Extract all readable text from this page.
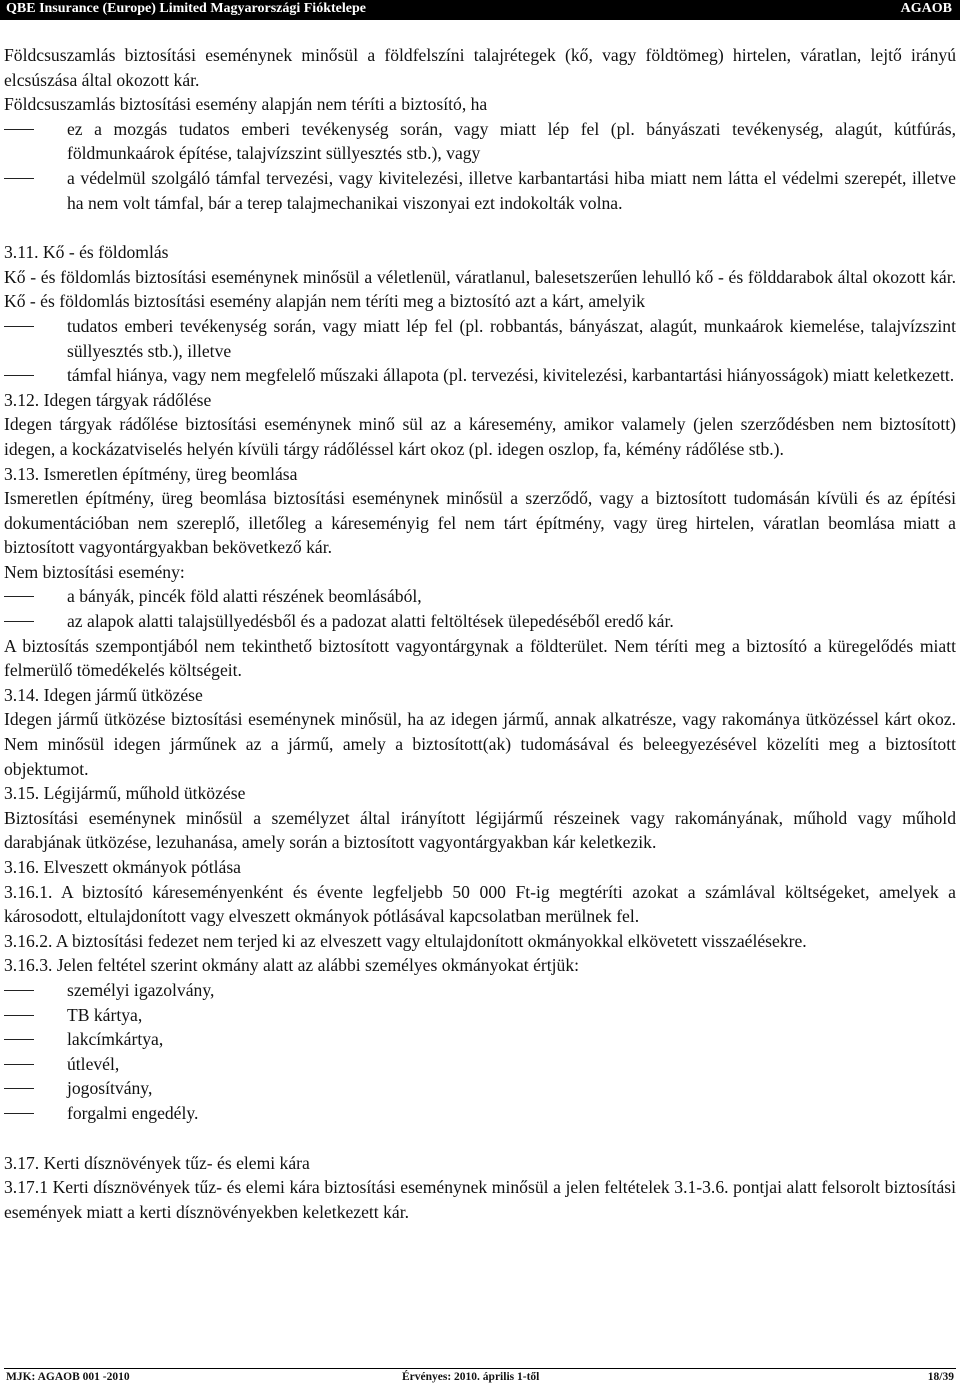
QBE Insurance (Europe) Limited Magyarországi Fióktelepe	AGAOB

Földcsuszamlás biztosítási eseménynek minősül a földfelszíni talajrétegek (kő, vagy földtömeg) hirtelen, váratlan, lejtő irányú elcsúszása által okozott kár.

Földcsuszamlás biztosítási esemény alapján nem téríti a biztosító, ha

ez a mozgás tudatos emberi tevékenység során, vagy miatt lép fel (pl. bányászati tevékenység, alagút, kútfúrás, földmunkaárok építése, talajvízszint süllyesztés stb.), vagy
a védelmül szolgáló támfal tervezési, vagy kivitelezési, illetve karbantartási hiba miatt nem látta el védelmi szerepét, illetve ha nem volt támfal, bár a terep talajmechanikai viszonyai ezt indokolták volna.

3.11. Kő - és földomlás

Kő - és földomlás biztosítási eseménynek minősül a véletlenül, váratlanul, balesetszerűen lehulló kő - és földdarabok által okozott kár. Kő - és földomlás biztosítási esemény alapján nem téríti meg a biztosító azt a kárt, amelyik

tudatos emberi tevékenység során, vagy miatt lép fel (pl. robbantás, bányászat, alagút, munkaárok kiemelése, talajvízszint süllyesztés stb.), illetve
támfal hiánya, vagy nem megfelelő műszaki állapota (pl. tervezési, kivitelezési, karbantartási hiányosságok) miatt keletkezett.

3.12. Idegen tárgyak rádőlése

Idegen tárgyak rádőlése biztosítási eseménynek minő sül az a káresemény, amikor valamely (jelen szerződésben nem biztosított) idegen, a kockázatviselés helyén kívüli tárgy rádőléssel kárt okoz (pl. idegen oszlop, fa, kémény rádőlése stb.).

3.13. Ismeretlen építmény, üreg beomlása

Ismeretlen építmény, üreg beomlása biztosítási eseménynek minősül a szerződő, vagy a biztosított tudomásán kívüli és az építési dokumentációban nem szereplő, illetőleg a káreseményig fel nem tárt építmény, vagy üreg hirtelen, váratlan beomlása miatt a biztosított vagyontárgyakban bekövetkező kár.

Nem biztosítási esemény:

a bányák, pincék föld alatti részének beomlásából,
az alapok alatti talajsüllyedésből és a padozat alatti feltöltések ülepedéséből eredő kár.

A biztosítás szempontjából nem tekinthető biztosított vagyontárgynak a földterület. Nem téríti meg a biztosító a küregelődés miatt felmerülő tömedékelés költségeit.

3.14. Idegen jármű ütközése

Idegen jármű ütközése biztosítási eseménynek minősül, ha az idegen jármű, annak alkatrésze, vagy rakománya ütközéssel kárt okoz. Nem minősül idegen járműnek az a jármű, amely a biztosított(ak) tudomásával és beleegyezésével közelíti meg a biztosított objektumot.

3.15. Légijármű, műhold ütközése

Biztosítási eseménynek minősül a személyzet által irányított légijármű részeinek vagy rakományának, műhold vagy műhold darabjának ütközése, lezuhanása, amely során a biztosított vagyontárgyakban kár keletkezik.

3.16. Elveszett okmányok pótlása

3.16.1. A biztosító káreseményenként és évente legfeljebb 50 000 Ft-ig megtéríti azokat a számlával költségeket, amelyek a károsodott, eltulajdonított vagy elveszett okmányok pótlásával kapcsolatban merülnek fel.

3.16.2. A biztosítási fedezet nem terjed ki az elveszett vagy eltulajdonított okmányokkal elkövetett visszaélésekre.

3.16.3. Jelen feltétel szerint okmány alatt az alábbi személyes okmányokat értjük:

személyi igazolvány,
TB kártya,
lakcímkártya,
útlevél,
jogosítvány,
forgalmi engedély.

3.17. Kerti dísznövények tűz- és elemi kára

3.17.1 Kerti dísznövények tűz- és elemi kára biztosítási eseménynek minősül a jelen feltételek 3.1-3.6. pontjai alatt felsorolt biztosítási események miatt a kerti dísznövényekben keletkezett kár.

MJK: AGAOB 001 -2010	Érvényes: 2010. április 1-től	18/39
